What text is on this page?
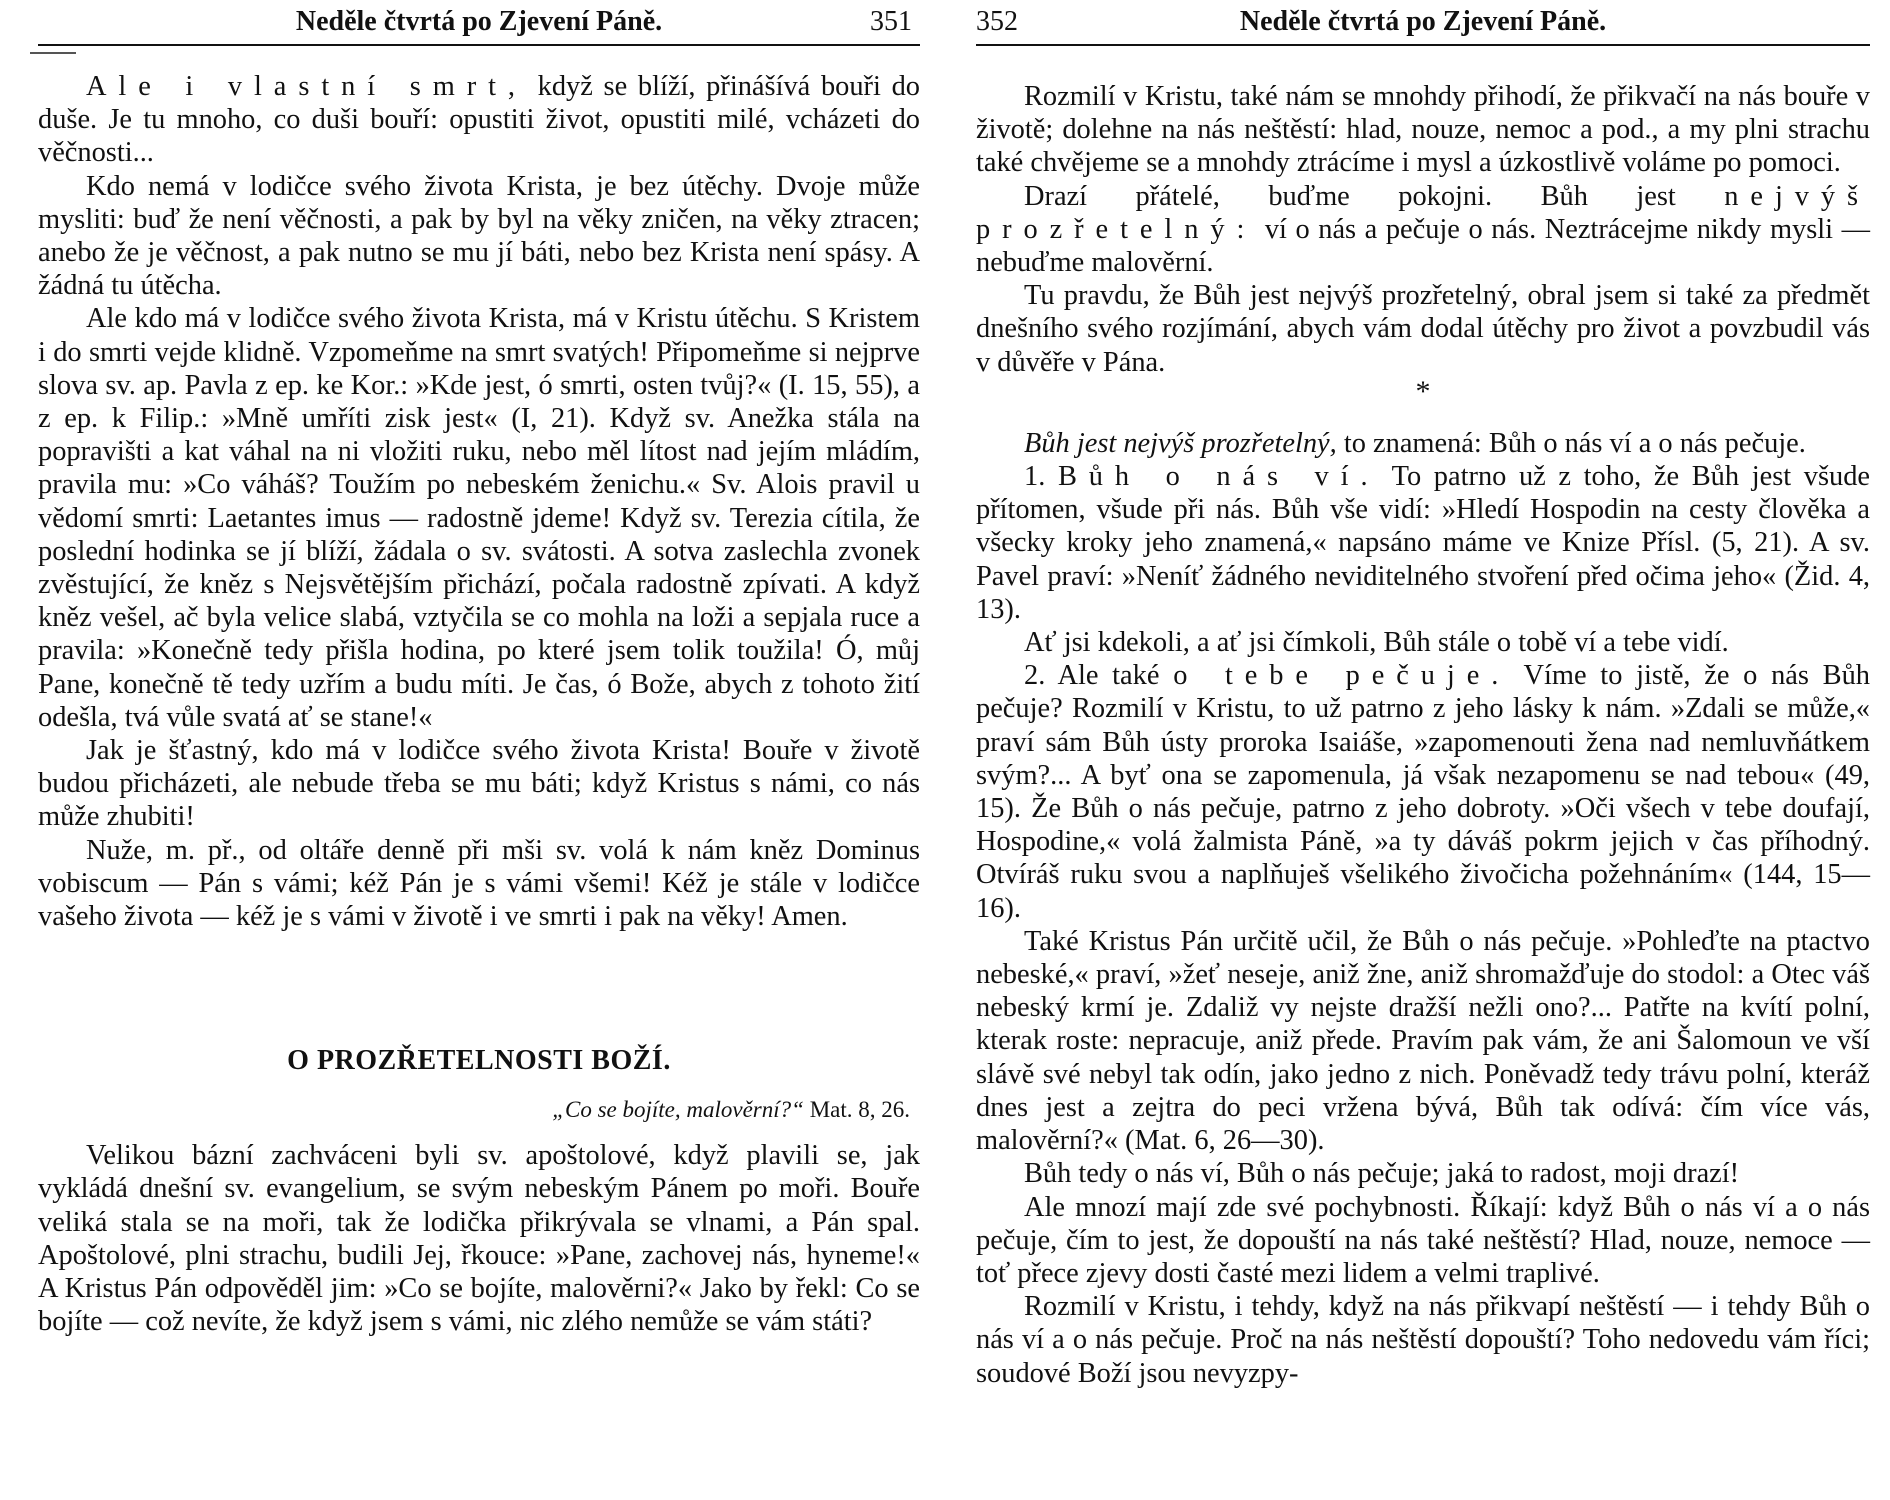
Neděle čtvrtá po Zjevení Páně.	351

Ale i vlastní smrt, když se blíží, přinášívá bouři do duše. Je tu mnoho, co duši bouří: opustiti život, opustiti milé, vcházeti do věčnosti...

Kdo nemá v lodičce svého života Krista, je bez útěchy. Dvoje může mysliti: buď že není věčnosti, a pak by byl na věky zničen, na věky ztracen; anebo že je věčnost, a pak nutno se mu jí báti, nebo bez Krista není spásy. A žádná tu útěcha.

Ale kdo má v lodičce svého života Krista, má v Kristu útěchu. S Kristem i do smrti vejde klidně. Vzpomeňme na smrt svatých! Připomeňme si nejprve slova sv. ap. Pavla z ep. ke Kor.: »Kde jest, ó smrti, osten tvůj?« (I. 15, 55), a z ep. k Filip.: »Mně umříti zisk jest« (I, 21). Když sv. Anežka stála na popravišti a kat váhal na ni vložiti ruku, nebo měl lítost nad jejím mládím, pravila mu: »Co váháš? Toužím po nebeském ženichu.« Sv. Alois pravil u vědomí smrti: Laetantes imus — radostně jdeme! Když sv. Terezia cítila, že poslední hodinka se jí blíží, žádala o sv. svátosti. A sotva zaslechla zvonek zvěstující, že kněz s Nejsvětějším přichází, počala radostně zpívati. A když kněz vešel, ač byla velice slabá, vztyčila se co mohla na loži a sepjala ruce a pravila: »Konečně tedy přišla hodina, po které jsem tolik toužila! Ó, můj Pane, konečně tě tedy uzřím a budu míti. Je čas, ó Bože, abych z tohoto žití odešla, tvá vůle svatá ať se stane!«

Jak je šťastný, kdo má v lodičce svého života Krista! Bouře v životě budou přicházeti, ale nebude třeba se mu báti; když Kristus s námi, co nás může zhubiti!

Nuže, m. př., od oltáře denně při mši sv. volá k nám kněz Dominus vobiscum — Pán s vámi; kéž Pán je s vámi všemi! Kéž je stále v lodičce vašeho života — kéž je s vámi v životě i ve smrti i pak na věky! Amen.

O PROZŘETELNOSTI BOŽÍ.
„Co se bojíte, malověrní?“ Mat. 8, 26.

Velikou bázní zachváceni byli sv. apoštolové, když plavili se, jak vykládá dnešní sv. evangelium, se svým nebeským Pánem po moři. Bouře veliká stala se na moři, tak že lodička přikrývala se vlnami, a Pán spal. Apoštolové, plni strachu, budili Jej, řkouce: »Pane, zachovej nás, hyneme!« A Kristus Pán odpověděl jim: »Co se bojíte, malověrni?« Jako by řekl: Co se bojíte — což nevíte, že když jsem s vámi, nic zlého nemůže se vám státi?

352	Neděle čtvrtá po Zjevení Páně.

Rozmilí v Kristu, také nám se mnohdy přihodí, že přikvačí na nás bouře v životě; dolehne na nás neštěstí: hlad, nouze, nemoc a pod., a my plni strachu také chvějeme se a mnohdy ztrácíme i mysl a úzkostlivě voláme po pomoci.

Drazí přátelé, buďme pokojni. Bůh jest nejvýš prozřetelný: ví o nás a pečuje o nás. Neztrácejme nikdy mysli — nebuďme malověrní.

Tu pravdu, že Bůh jest nejvýš prozřetelný, obral jsem si také za předmět dnešního svého rozjímání, abych vám dodal útěchy pro život a povzbudil vás v důvěře v Pána.

*

Bůh jest nejvýš prozřetelný, to znamená: Bůh o nás ví a o nás pečuje.

1. Bůh o nás ví. To patrno už z toho, že Bůh jest všude přítomen, všude při nás. Bůh vše vidí: »Hledí Hospodin na cesty člověka a všecky kroky jeho znamená,« napsáno máme ve Knize Přísl. (5, 21). A sv. Pavel praví: »Neníť žádného neviditelného stvoření před očima jeho« (Žid. 4, 13).

Ať jsi kdekoli, a ať jsi čímkoli, Bůh stále o tobě ví a tebe vidí.

2. Ale také o tebe pečuje. Víme to jistě, že o nás Bůh pečuje? Rozmilí v Kristu, to už patrno z jeho lásky k nám. »Zdali se může,« praví sám Bůh ústy proroka Isaiáše, »zapomenouti žena nad nemluvňátkem svým?... A byť ona se zapomenula, já však nezapomenu se nad tebou« (49, 15). Že Bůh o nás pečuje, patrno z jeho dobroty. »Oči všech v tebe doufají, Hospodine,« volá žalmista Páně, »a ty dáváš pokrm jejich v čas příhodný. Otvíráš ruku svou a naplňuješ všelikého živočicha požehnáním« (144, 15—16).

Také Kristus Pán určitě učil, že Bůh o nás pečuje. »Pohleďte na ptactvo nebeské,« praví, »žeť neseje, aniž žne, aniž shromažďuje do stodol: a Otec váš nebeský krmí je. Zdaliž vy nejste dražší nežli ono?... Patřte na kvítí polní, kterak roste: nepracuje, aniž přede. Pravím pak vám, že ani Šalomoun ve vší slávě své nebyl tak odín, jako jedno z nich. Poněvadž tedy trávu polní, kteráž dnes jest a zejtra do peci vržena bývá, Bůh tak odívá: čím více vás, malověrní?« (Mat. 6, 26—30).

Bůh tedy o nás ví, Bůh o nás pečuje; jaká to radost, moji drazí!

Ale mnozí mají zde své pochybnosti. Říkají: když Bůh o nás ví a o nás pečuje, čím to jest, že dopouští na nás také neštěstí? Hlad, nouze, nemoce — toť přece zjevy dosti časté mezi lidem a velmi traplivé.

Rozmilí v Kristu, i tehdy, když na nás přikvapí neštěstí — i tehdy Bůh o nás ví a o nás pečuje. Proč na nás neštěstí dopouští? Toho nedovedu vám říci; soudové Boží jsou nevyzpy-
